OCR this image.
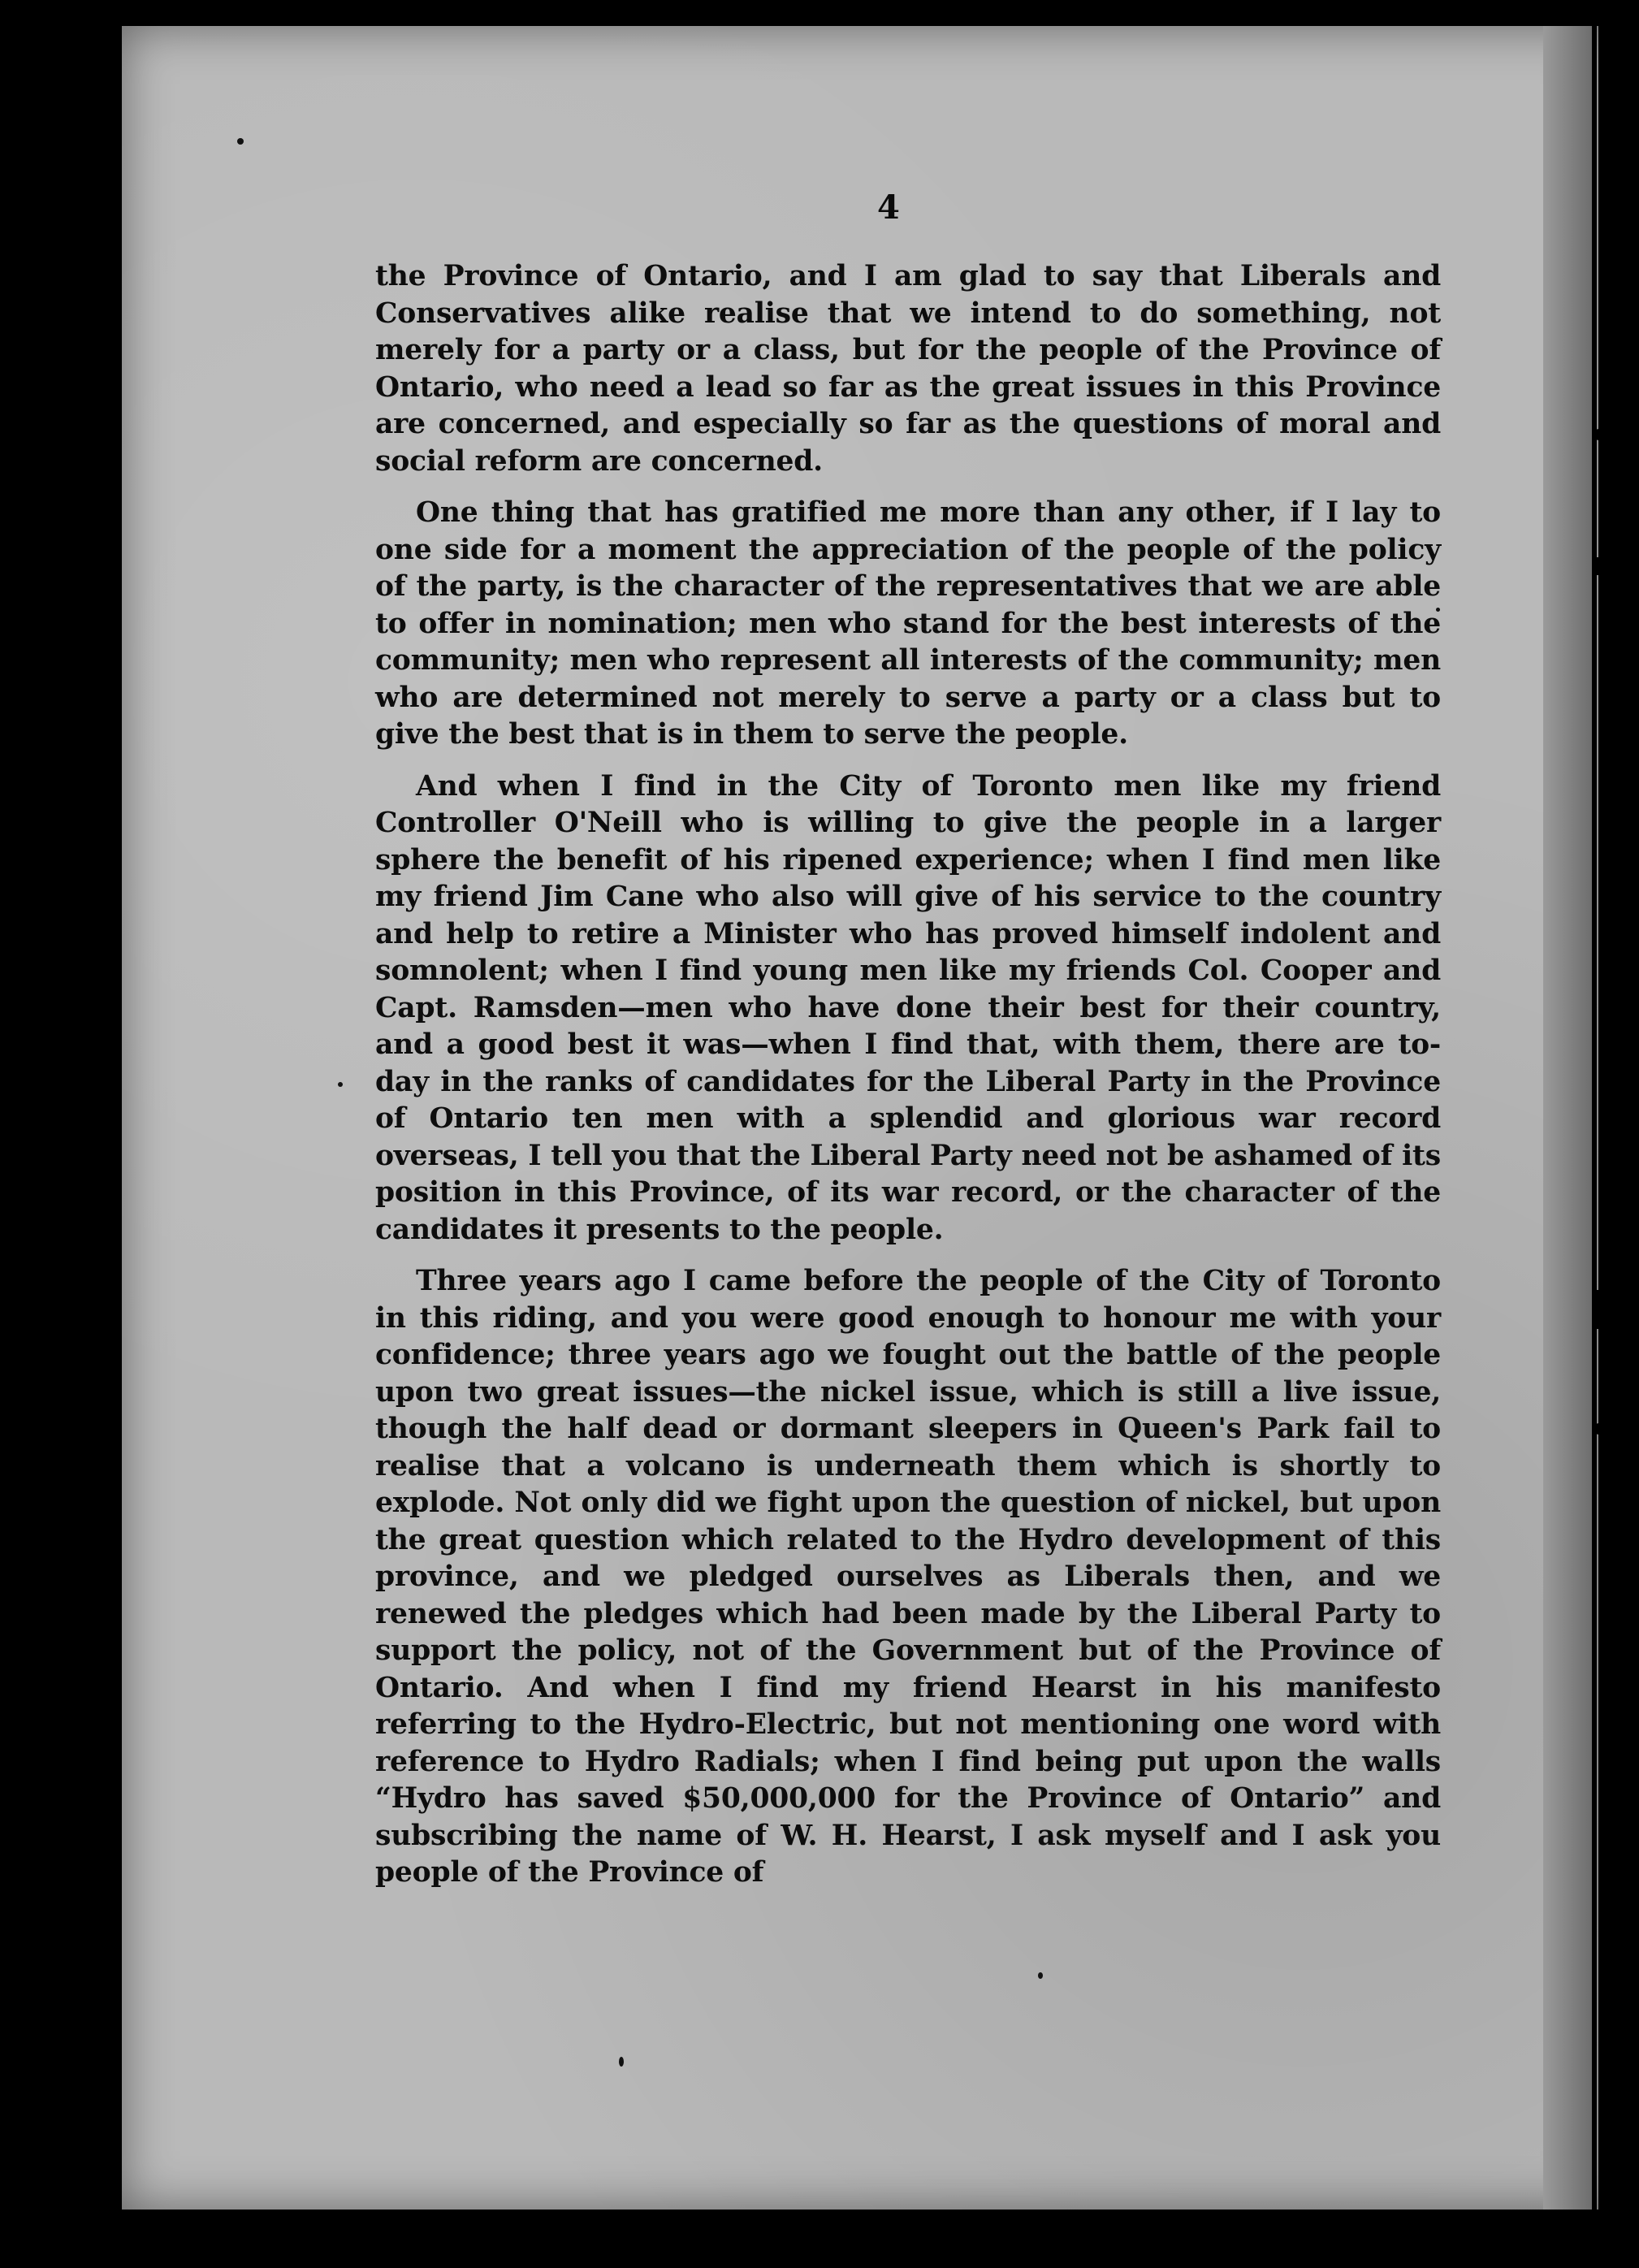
4

the Province of Ontario, and I am glad to say that Liberals and Conservatives alike realise that we intend to do something, not merely for a party or a class, but for the people of the Province of Ontario, who need a lead so far as the great issues in this Province are concerned, and especially so far as the questions of moral and social reform are concerned.

One thing that has gratified me more than any other, if I lay to one side for a moment the appreciation of the people of the policy of the party, is the character of the representatives that we are able to offer in nomination; men who stand for the best interests of the community; men who represent all interests of the community; men who are determined not merely to serve a party or a class but to give the best that is in them to serve the people.

And when I find in the City of Toronto men like my friend Controller O'Neill who is willing to give the people in a larger sphere the benefit of his ripened experience; when I find men like my friend Jim Cane who also will give of his service to the country and help to retire a Minister who has proved himself indolent and somnolent; when I find young men like my friends Col. Cooper and Capt. Ramsden—men who have done their best for their country, and a good best it was—when I find that, with them, there are to-day in the ranks of candidates for the Liberal Party in the Province of Ontario ten men with a splendid and glorious war record overseas, I tell you that the Liberal Party need not be ashamed of its position in this Province, of its war record, or the character of the candidates it presents to the people.

Three years ago I came before the people of the City of Toronto in this riding, and you were good enough to honour me with your confidence; three years ago we fought out the battle of the people upon two great issues—the nickel issue, which is still a live issue, though the half dead or dormant sleepers in Queen's Park fail to realise that a volcano is underneath them which is shortly to explode. Not only did we fight upon the question of nickel, but upon the great question which related to the Hydro development of this province, and we pledged ourselves as Liberals then, and we renewed the pledges which had been made by the Liberal Party to support the policy, not of the Government but of the Province of Ontario. And when I find my friend Hearst in his manifesto referring to the Hydro-Electric, but not mentioning one word with reference to Hydro Radials; when I find being put upon the walls “Hydro has saved $50,000,000 for the Province of Ontario” and subscribing the name of W. H. Hearst, I ask myself and I ask you people of the Province of
